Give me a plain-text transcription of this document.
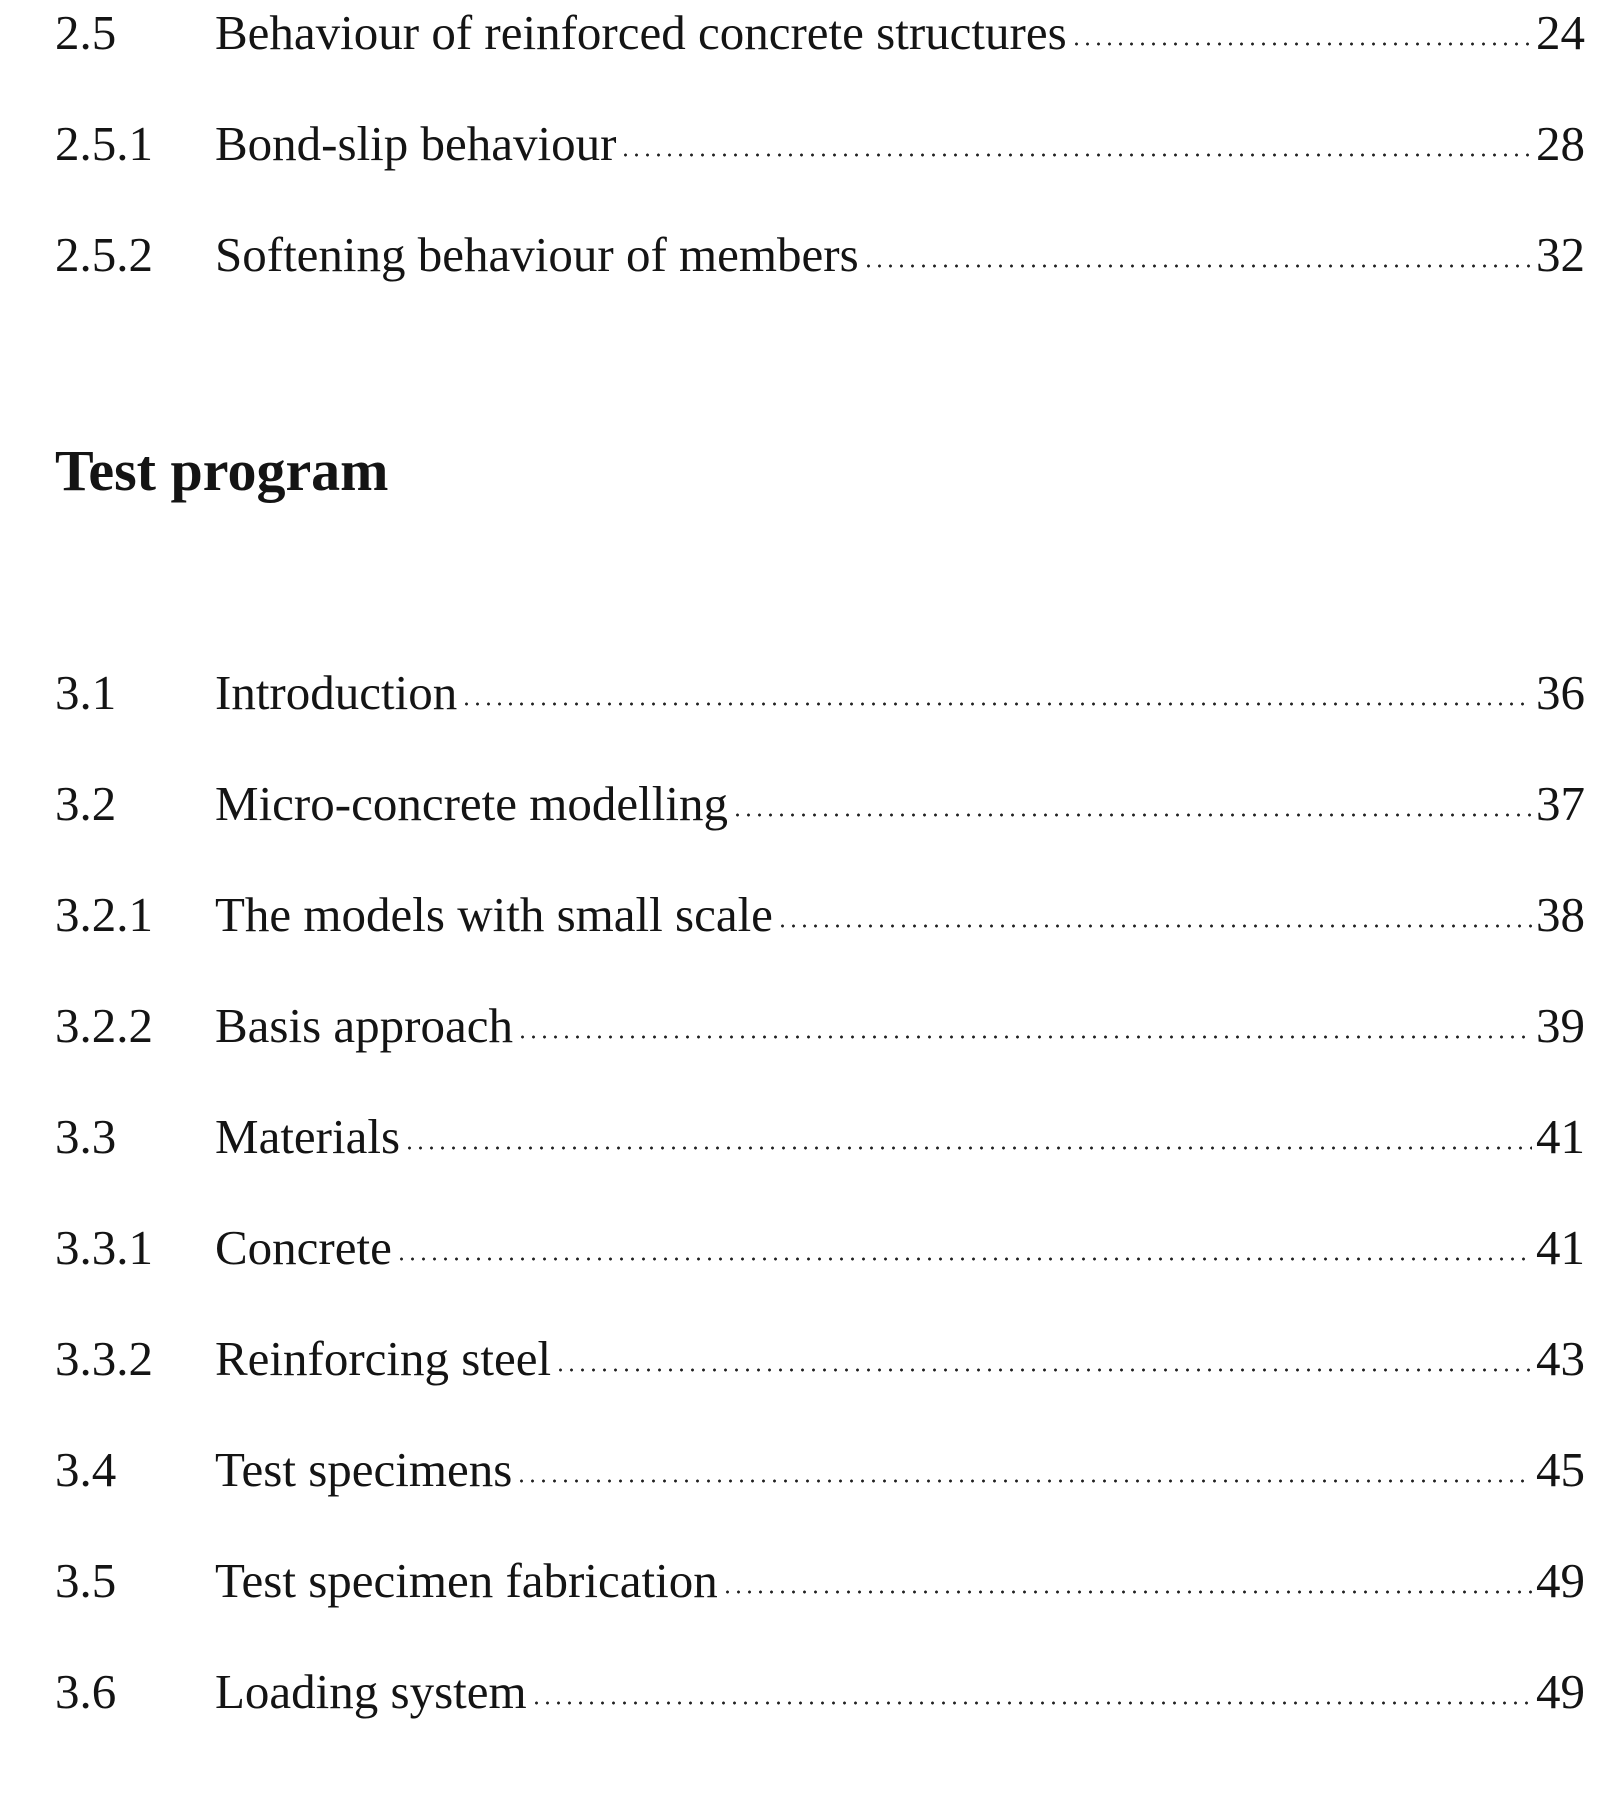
2.5	Behaviour of reinforced concrete structures	24
2.5.1	Bond-slip behaviour	28
2.5.2	Softening behaviour of members	32
Test program
3.1	Introduction	36
3.2	Micro-concrete modelling	37
3.2.1	The models with small scale	38
3.2.2	Basis approach	39
3.3	Materials	41
3.3.1	Concrete	41
3.3.2	Reinforcing steel	43
3.4	Test specimens	45
3.5	Test specimen fabrication	49
3.6	Loading system	49
